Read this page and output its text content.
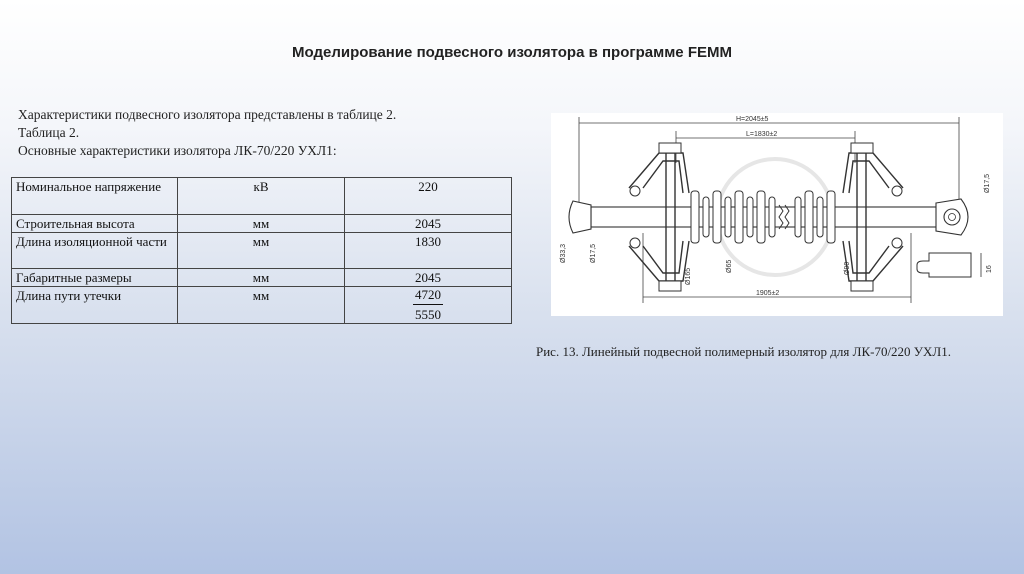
Моделирование подвесного изолятора в программе FEMM
Характеристики подвесного изолятора представлены в таблице 2.
Таблица 2.
Основные характеристики изолятора ЛК-70/220 УХЛ1:
Номинальное напряжение	кВ	220
Строительная высота	мм	2045
Длина изоляционной части	мм	1830
Габаритные размеры	мм	2045
Длина пути утечки	мм	$\frac{4720}{5550}$
H=2045±5
L=1830±2
1905±2
Ø33,3	Ø17,5
Ø165
Ø65	Ø90
Ø17,5
16
Рис. 13. Линейный подвесной полимерный изолятор для ЛК-70/220 УХЛ1.
